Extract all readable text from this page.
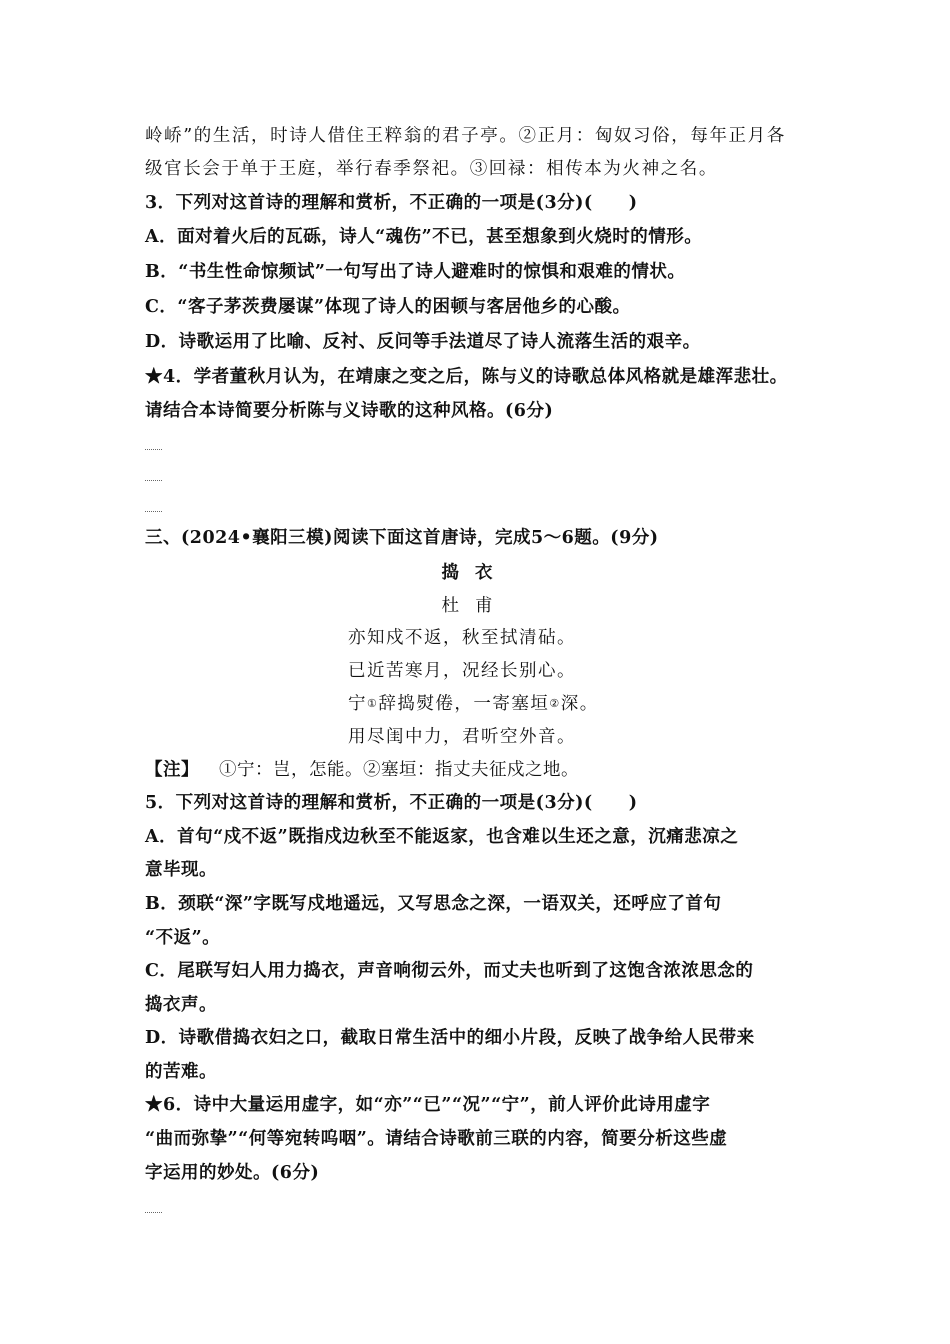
岭峤”的生活，时诗人借住王粹翁的君子亭。②正月：匈奴习俗，每年正月各
级官长会于单于王庭，举行春季祭祀。③回禄：相传本为火神之名。
3．下列对这首诗的理解和赏析，不正确的一项是(3分)(　　)
A．面对着火后的瓦砾，诗人“魂伤”不已，甚至想象到火烧时的情形。
B．“书生性命惊频试”一句写出了诗人避难时的惊惧和艰难的情状。
C．“客子茅茨费屡谋”体现了诗人的困顿与客居他乡的心酸。
D．诗歌运用了比喻、反衬、反问等手法道尽了诗人流落生活的艰辛。
★4．学者董秋月认为，在靖康之变之后，陈与义的诗歌总体风格就是雄浑悲壮。
请结合本诗简要分析陈与义诗歌的这种风格。(6分)
三、(2024•襄阳三模)阅读下面这首唐诗，完成5～6题。(9分)
捣衣
杜甫
亦知戍不返，秋至拭清砧。
已近苦寒月，况经长别心。
宁①辞捣熨倦，一寄塞垣②深。
用尽闺中力，君听空外音。
【注】 ①宁：岂，怎能。②塞垣：指丈夫征戍之地。
5．下列对这首诗的理解和赏析，不正确的一项是(3分)(　　)
A．首句“戍不返”既指戍边秋至不能返家，也含难以生还之意，沉痛悲凉之
意毕现。
B．颈联“深”字既写戍地遥远，又写思念之深，一语双关，还呼应了首句
“不返”。
C．尾联写妇人用力捣衣，声音响彻云外，而丈夫也听到了这饱含浓浓思念的
捣衣声。
D．诗歌借捣衣妇之口，截取日常生活中的细小片段，反映了战争给人民带来
的苦难。
★6．诗中大量运用虚字，如“亦”“已”“况”“宁”，前人评价此诗用虚字
“曲而弥挚”“何等宛转呜咽”。请结合诗歌前三联的内容，简要分析这些虚
字运用的妙处。(6分)
